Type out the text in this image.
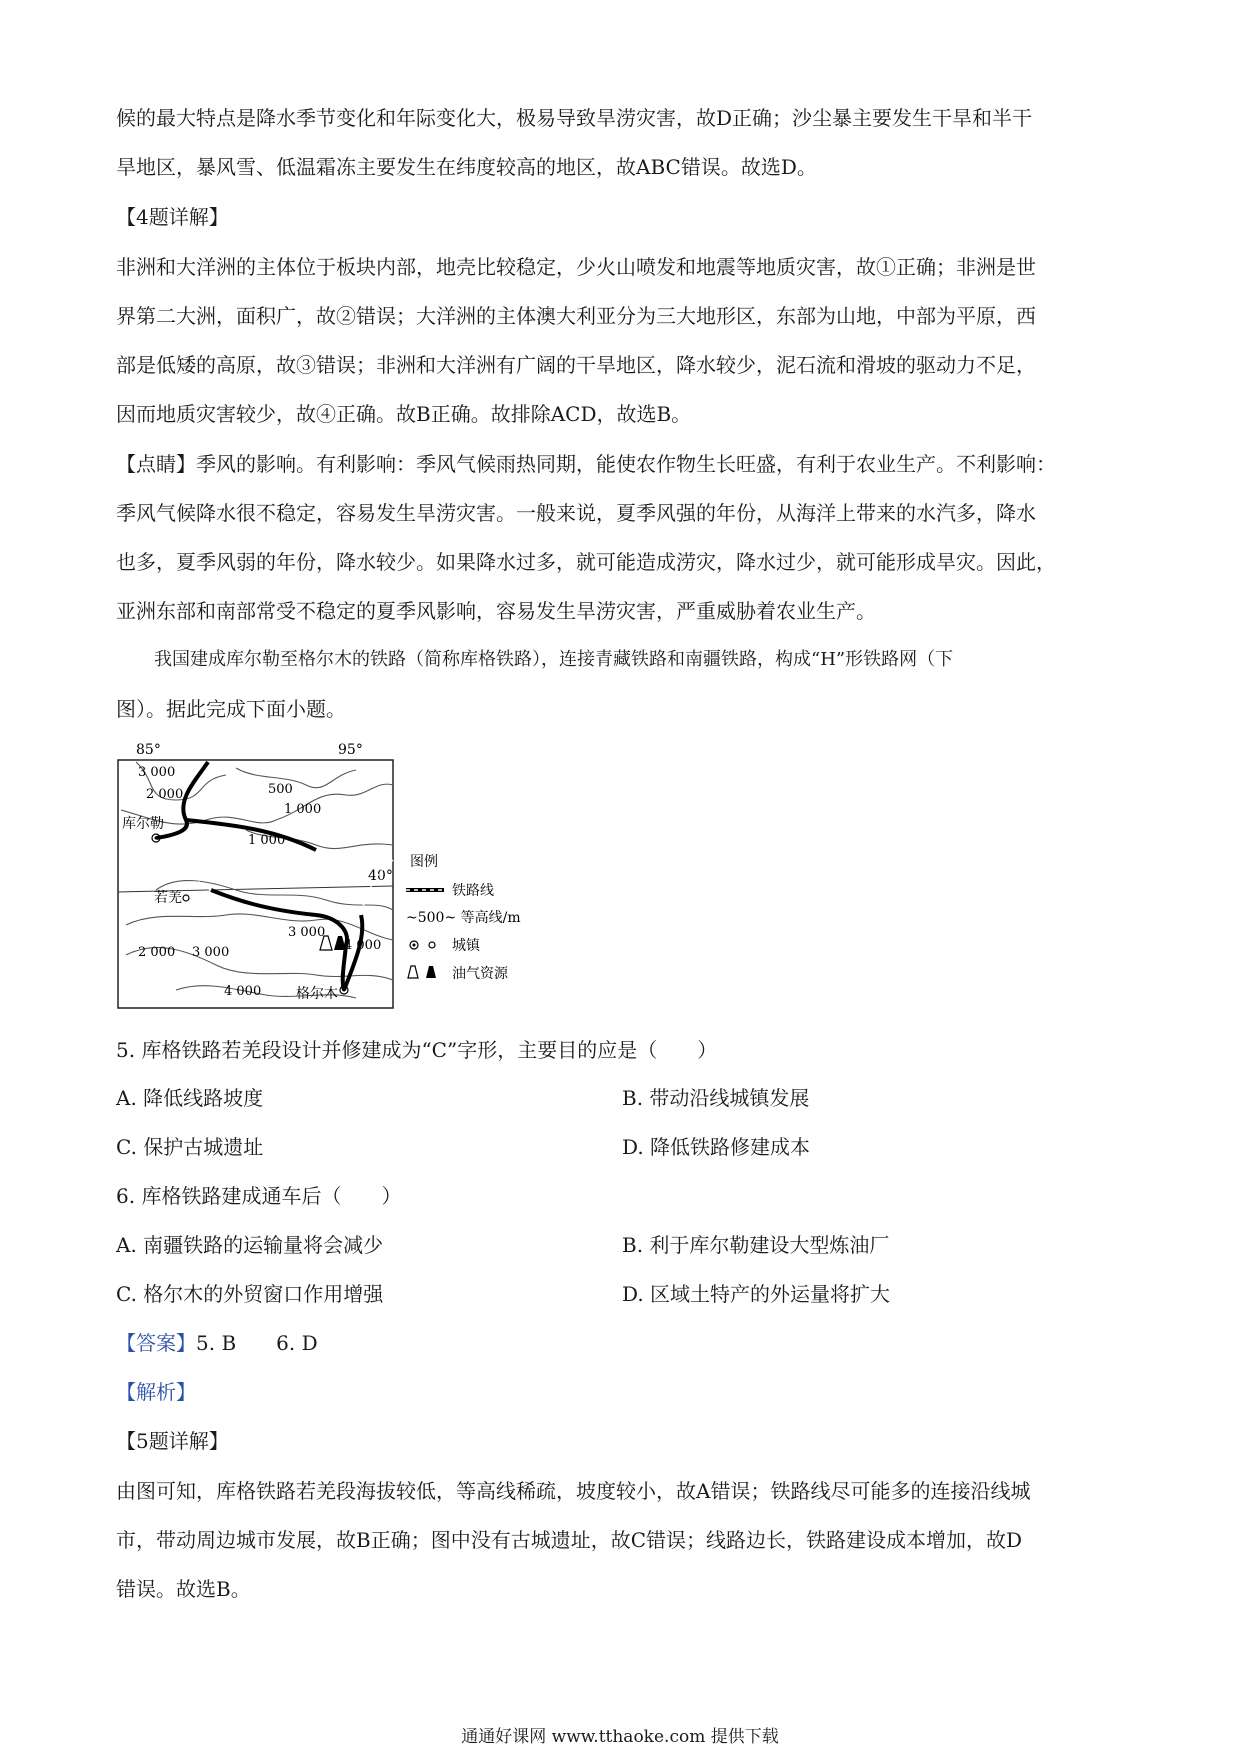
候的最大特点是降水季节变化和年际变化大，极易导致旱涝灾害，故D正确；沙尘暴主要发生干旱和半干
旱地区，暴风雪、低温霜冻主要发生在纬度较高的地区，故ABC错误。故选D。
【4题详解】
非洲和大洋洲的主体位于板块内部，地壳比较稳定，少火山喷发和地震等地质灾害，故①正确；非洲是世
界第二大洲，面积广，故②错误；大洋洲的主体澳大利亚分为三大地形区，东部为山地，中部为平原，西
部是低矮的高原，故③错误；非洲和大洋洲有广阔的干旱地区，降水较少，泥石流和滑坡的驱动力不足，
因而地质灾害较少，故④正确。故B正确。故排除ACD，故选B。
【点睛】季风的影响。有利影响：季风气候雨热同期，能使农作物生长旺盛，有利于农业生产。不利影响：
季风气候降水很不稳定，容易发生旱涝灾害。一般来说，夏季风强的年份，从海洋上带来的水汽多，降水
也多，夏季风弱的年份，降水较少。如果降水过多，就可能造成涝灾，降水过少，就可能形成旱灾。因此，
亚洲东部和南部常受不稳定的夏季风影响，容易发生旱涝灾害，严重威胁着农业生产。
我国建成库尔勒至格尔木的铁路（简称库格铁路），连接青藏铁路和南疆铁路，构成“H”形铁路网（下
图）。据此完成下面小题。
85°	95°
40°
3 000
2 000	500
1 000
1 000
3 000
4 000
2 000 3 000
4 000
库尔勒
若羌
格尔木
图例
铁路线
~500~ 等高线/m
城镇
油气资源
5. 库格铁路若羌段设计并修建成为“C”字形，主要目的应是（　　）
A. 降低线路坡度	B. 带动沿线城镇发展
C. 保护古城遗址	D. 降低铁路修建成本
6. 库格铁路建成通车后（　　）
A. 南疆铁路的运输量将会减少	B. 利于库尔勒建设大型炼油厂
C. 格尔木的外贸窗口作用增强	D. 区域土特产的外运量将扩大
【答案】5. B　　6. D
【解析】
【5题详解】
由图可知，库格铁路若羌段海拔较低，等高线稀疏，坡度较小，故A错误；铁路线尽可能多的连接沿线城
市，带动周边城市发展，故B正确；图中没有古城遗址，故C错误；线路边长，铁路建设成本增加，故D
错误。故选B。
通通好课网 www.tthaoke.com 提供下载
